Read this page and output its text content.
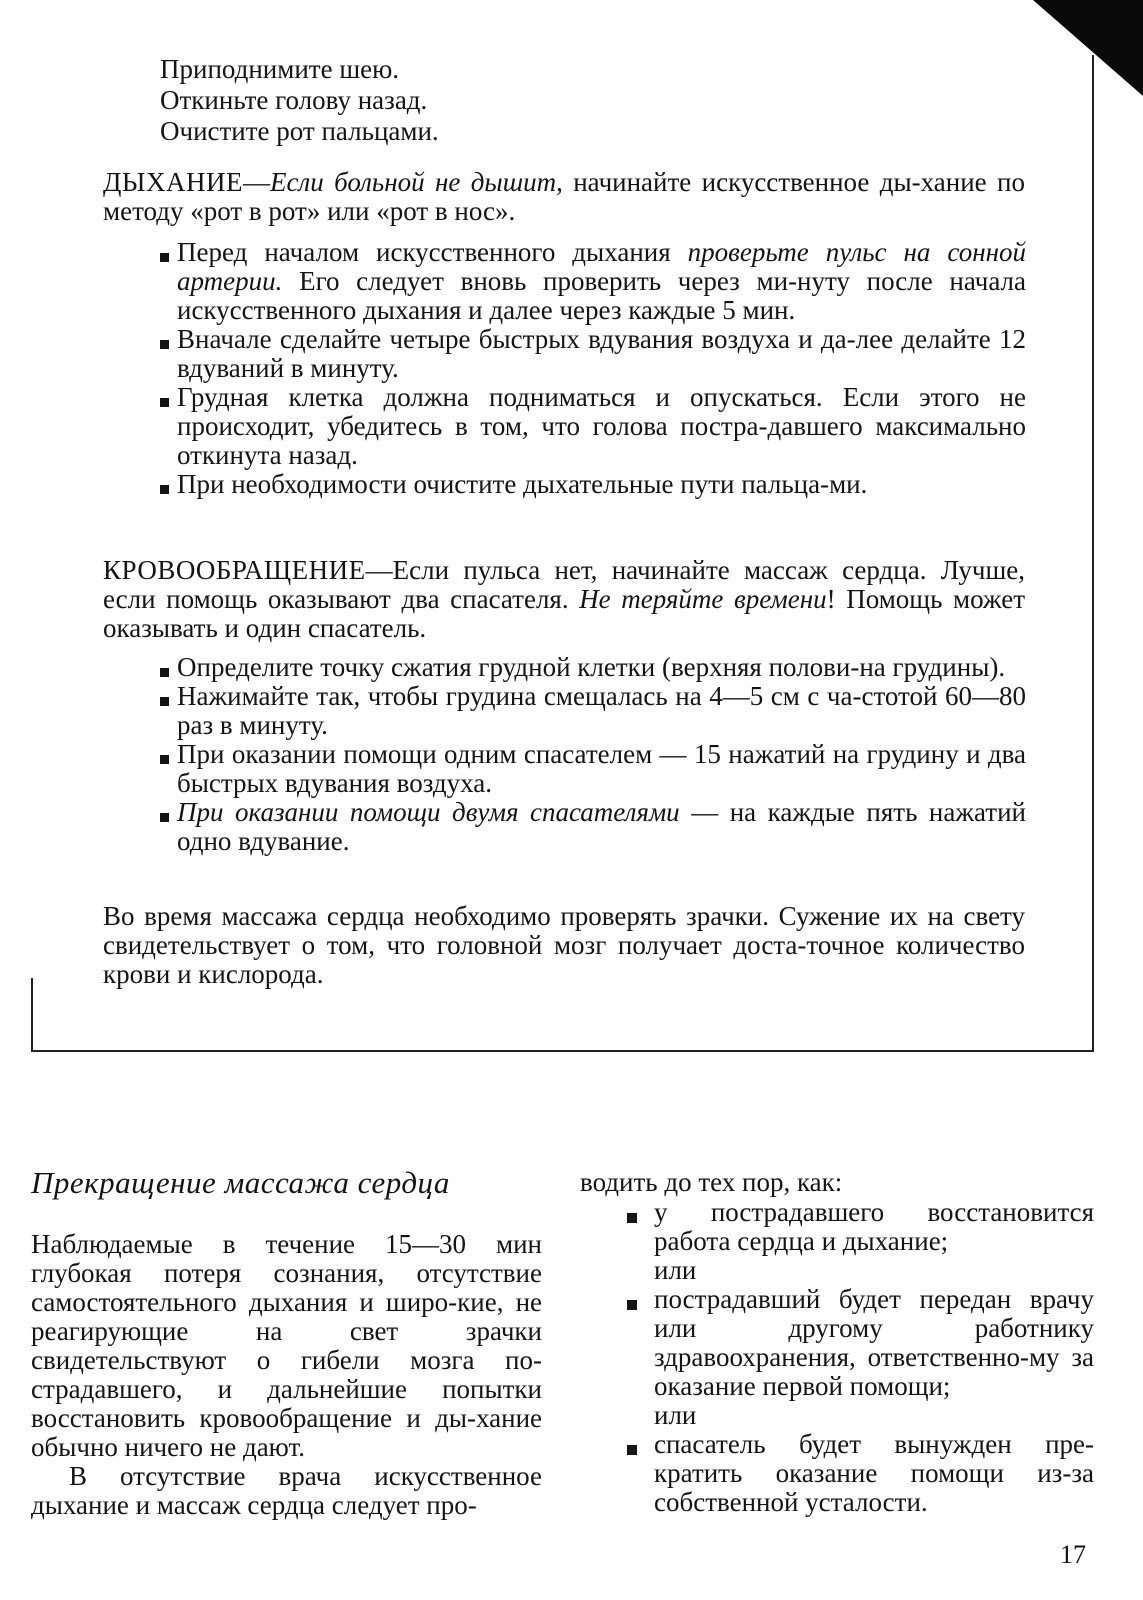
Приподнимите шею.

Откиньте голову назад.

Очистите рот пальцами.

ДЫХАНИЕ—Если больной не дышит, начинайте искусственное ды-хание по методу «рот в рот» или «рот в нос».

Перед началом искусственного дыхания проверьте пульс на сонной артерии. Его следует вновь проверить через ми-нуту после начала искусственного дыхания и далее через каждые 5 мин.
Вначале сделайте четыре быстрых вдувания воздуха и да-лее делайте 12 вдуваний в минуту.
Грудная клетка должна подниматься и опускаться. Если этого не происходит, убедитесь в том, что голова постра-давшего максимально откинута назад.
При необходимости очистите дыхательные пути пальца-ми.

КРОВООБРАЩЕНИЕ—Если пульса нет, начинайте массаж сердца. Лучше, если помощь оказывают два спасателя. Не теряйте времени! Помощь может оказывать и один спасатель.

Определите точку сжатия грудной клетки (верхняя полови-на грудины).
Нажимайте так, чтобы грудина смещалась на 4—5 см с ча-стотой 60—80 раз в минуту.
При оказании помощи одним спасателем — 15 нажатий на грудину и два быстрых вдувания воздуха.
При оказании помощи двумя спасателями — на каждые пять нажатий одно вдувание.

Во время массажа сердца необходимо проверять зрачки. Сужение их на свету свидетельствует о том, что головной мозг получает доста-точное количество крови и кислорода.

Прекращение массажа сердца

Наблюдаемые в течение 15—30 мин глубокая потеря сознания, отсутствие самостоятельного дыхания и широ-кие, не реагирующие на свет зрачки свидетельствуют о гибели мозга по-страдавшего, и дальнейшие попытки восстановить кровообращение и ды-хание обычно ничего не дают.

В отсутствие врача искусственное дыхание и массаж сердца следует про-

водить до тех пор, как:

у пострадавшего восстановится работа сердца и дыхание;
или
пострадавший будет передан врачу или другому работнику здравоохранения, ответственно-му за оказание первой помощи;
или
спасатель будет вынужден пре-кратить оказание помощи из-за собственной усталости.
17
